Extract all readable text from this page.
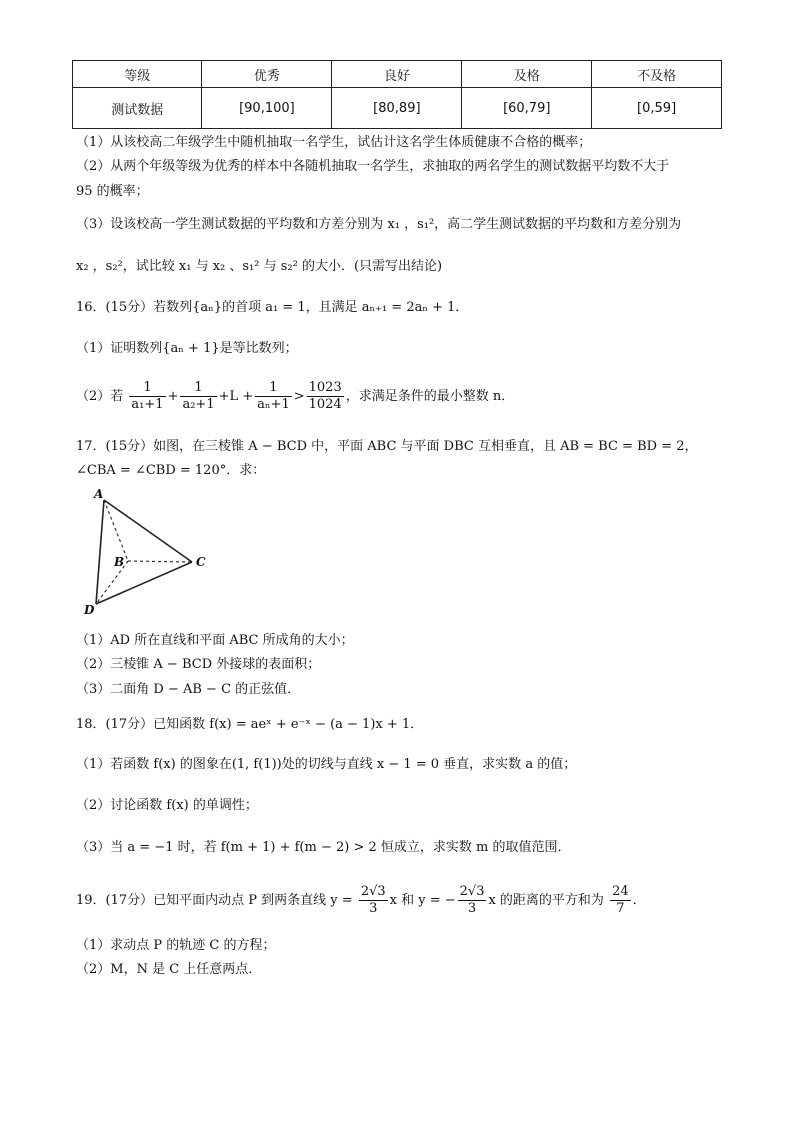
等级	优秀	良好	及格	不及格
测试数据	[90,100]	[80,89]	[60,79]	[0,59]
（1）从该校高二年级学生中随机抽取一名学生，试估计这名学生体质健康不合格的概率；
（2）从两个年级等级为优秀的样本中各随机抽取一名学生，求抽取的两名学生的测试数据平均数不大于
95 的概率；
（3）设该校高一学生测试数据的平均数和方差分别为 x₁ ，s₁²，高二学生测试数据的平均数和方差分别为
x₂ ，s₂²，试比较 x₁ 与 x₂ 、s₁² 与 s₂² 的大小．(只需写出结论)
16．(15分）若数列{aₙ}的首项 a₁ = 1，且满足 aₙ₊₁ = 2aₙ + 1．
（1）证明数列{aₙ + 1}是等比数列；
（2）若 $\frac{1}{\text{a₁+1}} + \frac{1}{\text{a₂+1}} +L + \frac{1}{\text{aₙ+1}} > \frac{1023}{1024}$ ，求满足条件的最小整数 n．
17．(15分）如图，在三棱锥 A − BCD 中，平面 ABC 与平面 DBC 互相垂直，且 AB = BC = BD = 2，
∠CBA = ∠CBD = 120°．求：
A
B	C
D
（1）AD 所在直线和平面 ABC 所成角的大小；
（2）三棱锥 A − BCD 外接球的表面积；
（3）二面角 D − AB − C 的正弦值．
18．(17分）已知函数 f(x) = aeˣ + e⁻ˣ − (a − 1)x + 1．
（1）若函数 f(x) 的图象在(1, f(1))处的切线与直线 x − 1 = 0 垂直，求实数 a 的值；
（2）讨论函数 f(x) 的单调性；
（3）当 a = −1 时，若 f(m + 1) + f(m − 2) > 2 恒成立，求实数 m 的取值范围．
19．(17分）已知平面内动点 P 到两条直线 $y = \frac{2√3}{3}$ x 和 y = − $\frac{2√3}{3}$ x 的距离的平方和为 $\frac{24}{7}$ ．
（1）求动点 P 的轨迹 C 的方程；
（2）M，N 是 C 上任意两点．
